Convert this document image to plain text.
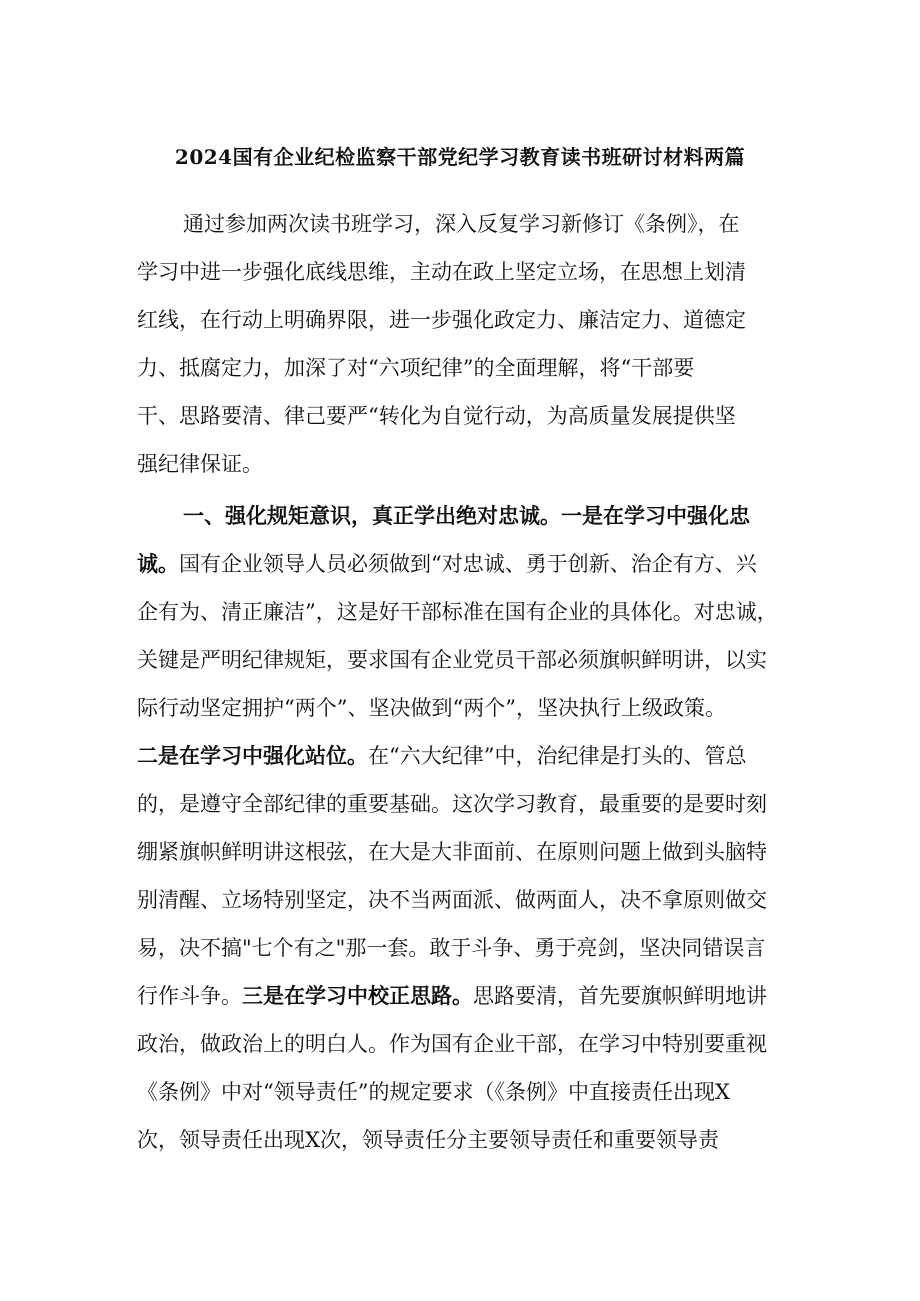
2024国有企业纪检监察干部党纪学习教育读书班研讨材料两篇
通过参加两次读书班学习，深入反复学习新修订《条例》，在
学习中进一步强化底线思维，主动在政上坚定立场，在思想上划清
红线，在行动上明确界限，进一步强化政定力、廉洁定力、道德定
力、抵腐定力，加深了对“六项纪律”的全面理解，将“干部要
干、思路要清、律己要严“转化为自觉行动，为高质量发展提供坚
强纪律保证。
一、强化规矩意识，真正学出绝对忠诚。一是在学习中强化忠
诚。国有企业领导人员必须做到“对忠诚、勇于创新、治企有方、兴
企有为、清正廉洁”，这是好干部标准在国有企业的具体化。对忠诚，
关键是严明纪律规矩，要求国有企业党员干部必须旗帜鲜明讲，以实
际行动坚定拥护“两个”、坚决做到“两个”，坚决执行上级政策。
二是在学习中强化站位。在“六大纪律”中，治纪律是打头的、管总
的，是遵守全部纪律的重要基础。这次学习教育，最重要的是要时刻
绷紧旗帜鲜明讲这根弦，在大是大非面前、在原则问题上做到头脑特
别清醒、立场特别坚定，决不当两面派、做两面人，决不拿原则做交
易，决不搞"七个有之"那一套。敢于斗争、勇于亮剑，坚决同错误言
行作斗争。三是在学习中校正思路。思路要清，首先要旗帜鲜明地讲
政治，做政治上的明白人。作为国有企业干部，在学习中特别要重视
《条例》中对“领导责任”的规定要求（《条例》中直接责任出现X
次，领导责任出现X次，领导责任分主要领导责任和重要领导责
